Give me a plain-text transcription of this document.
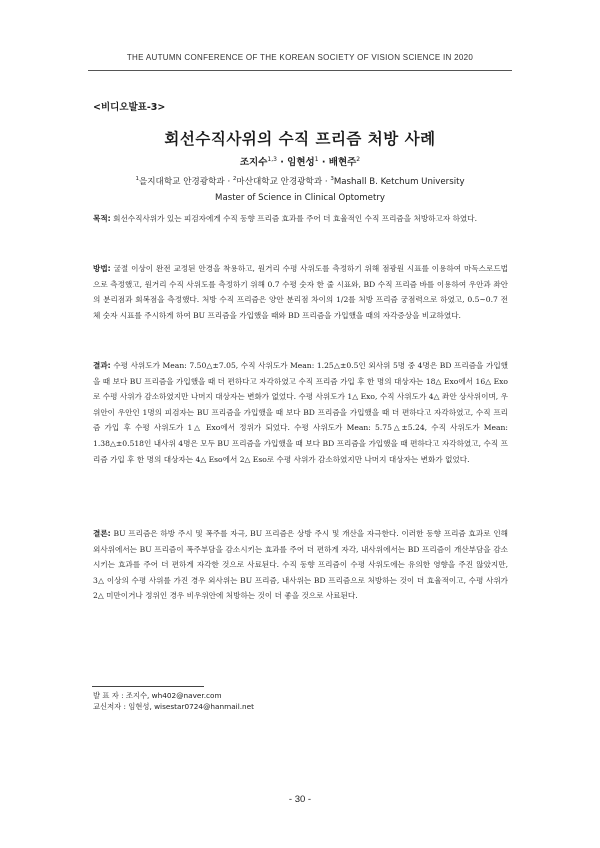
THE AUTUMN CONFERENCE OF THE KOREAN SOCIETY OF VISION SCIENCE IN 2020
<비디오발표-3>
회선수직사위의 수직 프리즘 처방 사례
조지수$^{1,3}$ · 임현성$^1$ · 배현주$^2$
$^1$을지대학교 안경광학과 · $^2$마산대학교 안경광학과 · $^3$Mashall B. Ketchum University
Master of Science in Clinical Optometry

목적: 회선수직사위가 있는 피검자에게 수직 동향 프리즘 효과를 주어 더 효율적인 수직 프리즘을 처방하고자 하였다.

방법: 굴절 이상이 완전 교정된 안경을 착용하고, 원거리 수평 사위도를 측정하기 위해 점광원 시표를 이용하여 마독스로드법으로 측정했고, 원거리 수직 사위도를 측정하기 위해 0.7 수평 숫자 한 줄 시표와, BD 수직 프리즘 바를 이용하여 우안과 좌안의 분리점과 회복점을 측정했다. 처방 수직 프리즘은 양안 분리점 차이의 1/2를 처방 프리즘 궁점력으로 하였고, 0.5~0.7 전체 숫자 시표를 주시하게 하여 BU 프리즘을 가입했을 때와 BD 프리즘을 가입했을 때의 자각증상을 비교하였다.

결과: 수평 사위도가 Mean: 7.50△±7.05, 수직 사위도가 Mean: 1.25△±0.5인 외사위 5명 중 4명은 BD 프리즘을 가입했을 때 보다 BU 프리즘을 가입했을 때 더 편하다고 자각하였고 수직 프리즘 가입 후 한 명의 대상자는 18△ Exo에서 16△ Exo로 수평 사위가 감소하였지만 나머지 대상자는 변화가 없었다. 수평 사위도가 1△ Exo, 수직 사위도가 4△ 좌안 상사위이며, 우위안이 우안인 1명의 피검자는 BU 프리즘을 가입했을 때 보다 BD 프리즘을 가입했을 때 더 편하다고 자각하였고, 수직 프리즘 가입 후 수평 사위도가 1△ Exo에서 정위가 되었다. 수평 사위도가 Mean: 5.75△±5.24, 수직 사위도가 Mean: 1.38△±0.518인 내사위 4명은 모두 BU 프리즘을 가입했을 때 보다 BD 프리즘을 가입했을 때 편하다고 자각하였고, 수직 프리즘 가입 후 한 명의 대상자는 4△ Eso에서 2△ Eso로 수평 사위가 감소하였지만 나머지 대상자는 변화가 없었다.

결론: BU 프리즘은 하방 주시 및 폭주를 자극, BU 프리즘은 상방 주시 및 개산을 자극한다. 이러한 동향 프리즘 효과로 인해 외사위에서는 BU 프리즘이 폭주부담을 감소시키는 효과를 주어 더 편하게 자각, 내사위에서는 BD 프리즘이 개산부담을 감소시키는 효과를 주어 더 편하게 자각한 것으로 사료된다. 수직 동향 프리즘이 수평 사위도에는 유의한 영향을 주진 않았지만, 3△ 이상의 수평 사위를 가진 경우 외사위는 BU 프리즘, 내사위는 BD 프리즘으로 처방하는 것이 더 효율적이고, 수평 사위가 2△ 미만이거나 정위인 경우 비우위안에 처방하는 것이 더 좋을 것으로 사료된다.

발 표 자 : 조지수, wh402@naver.com
교신저자 : 임현성, wisestar0724@hanmail.net
- 30 -
